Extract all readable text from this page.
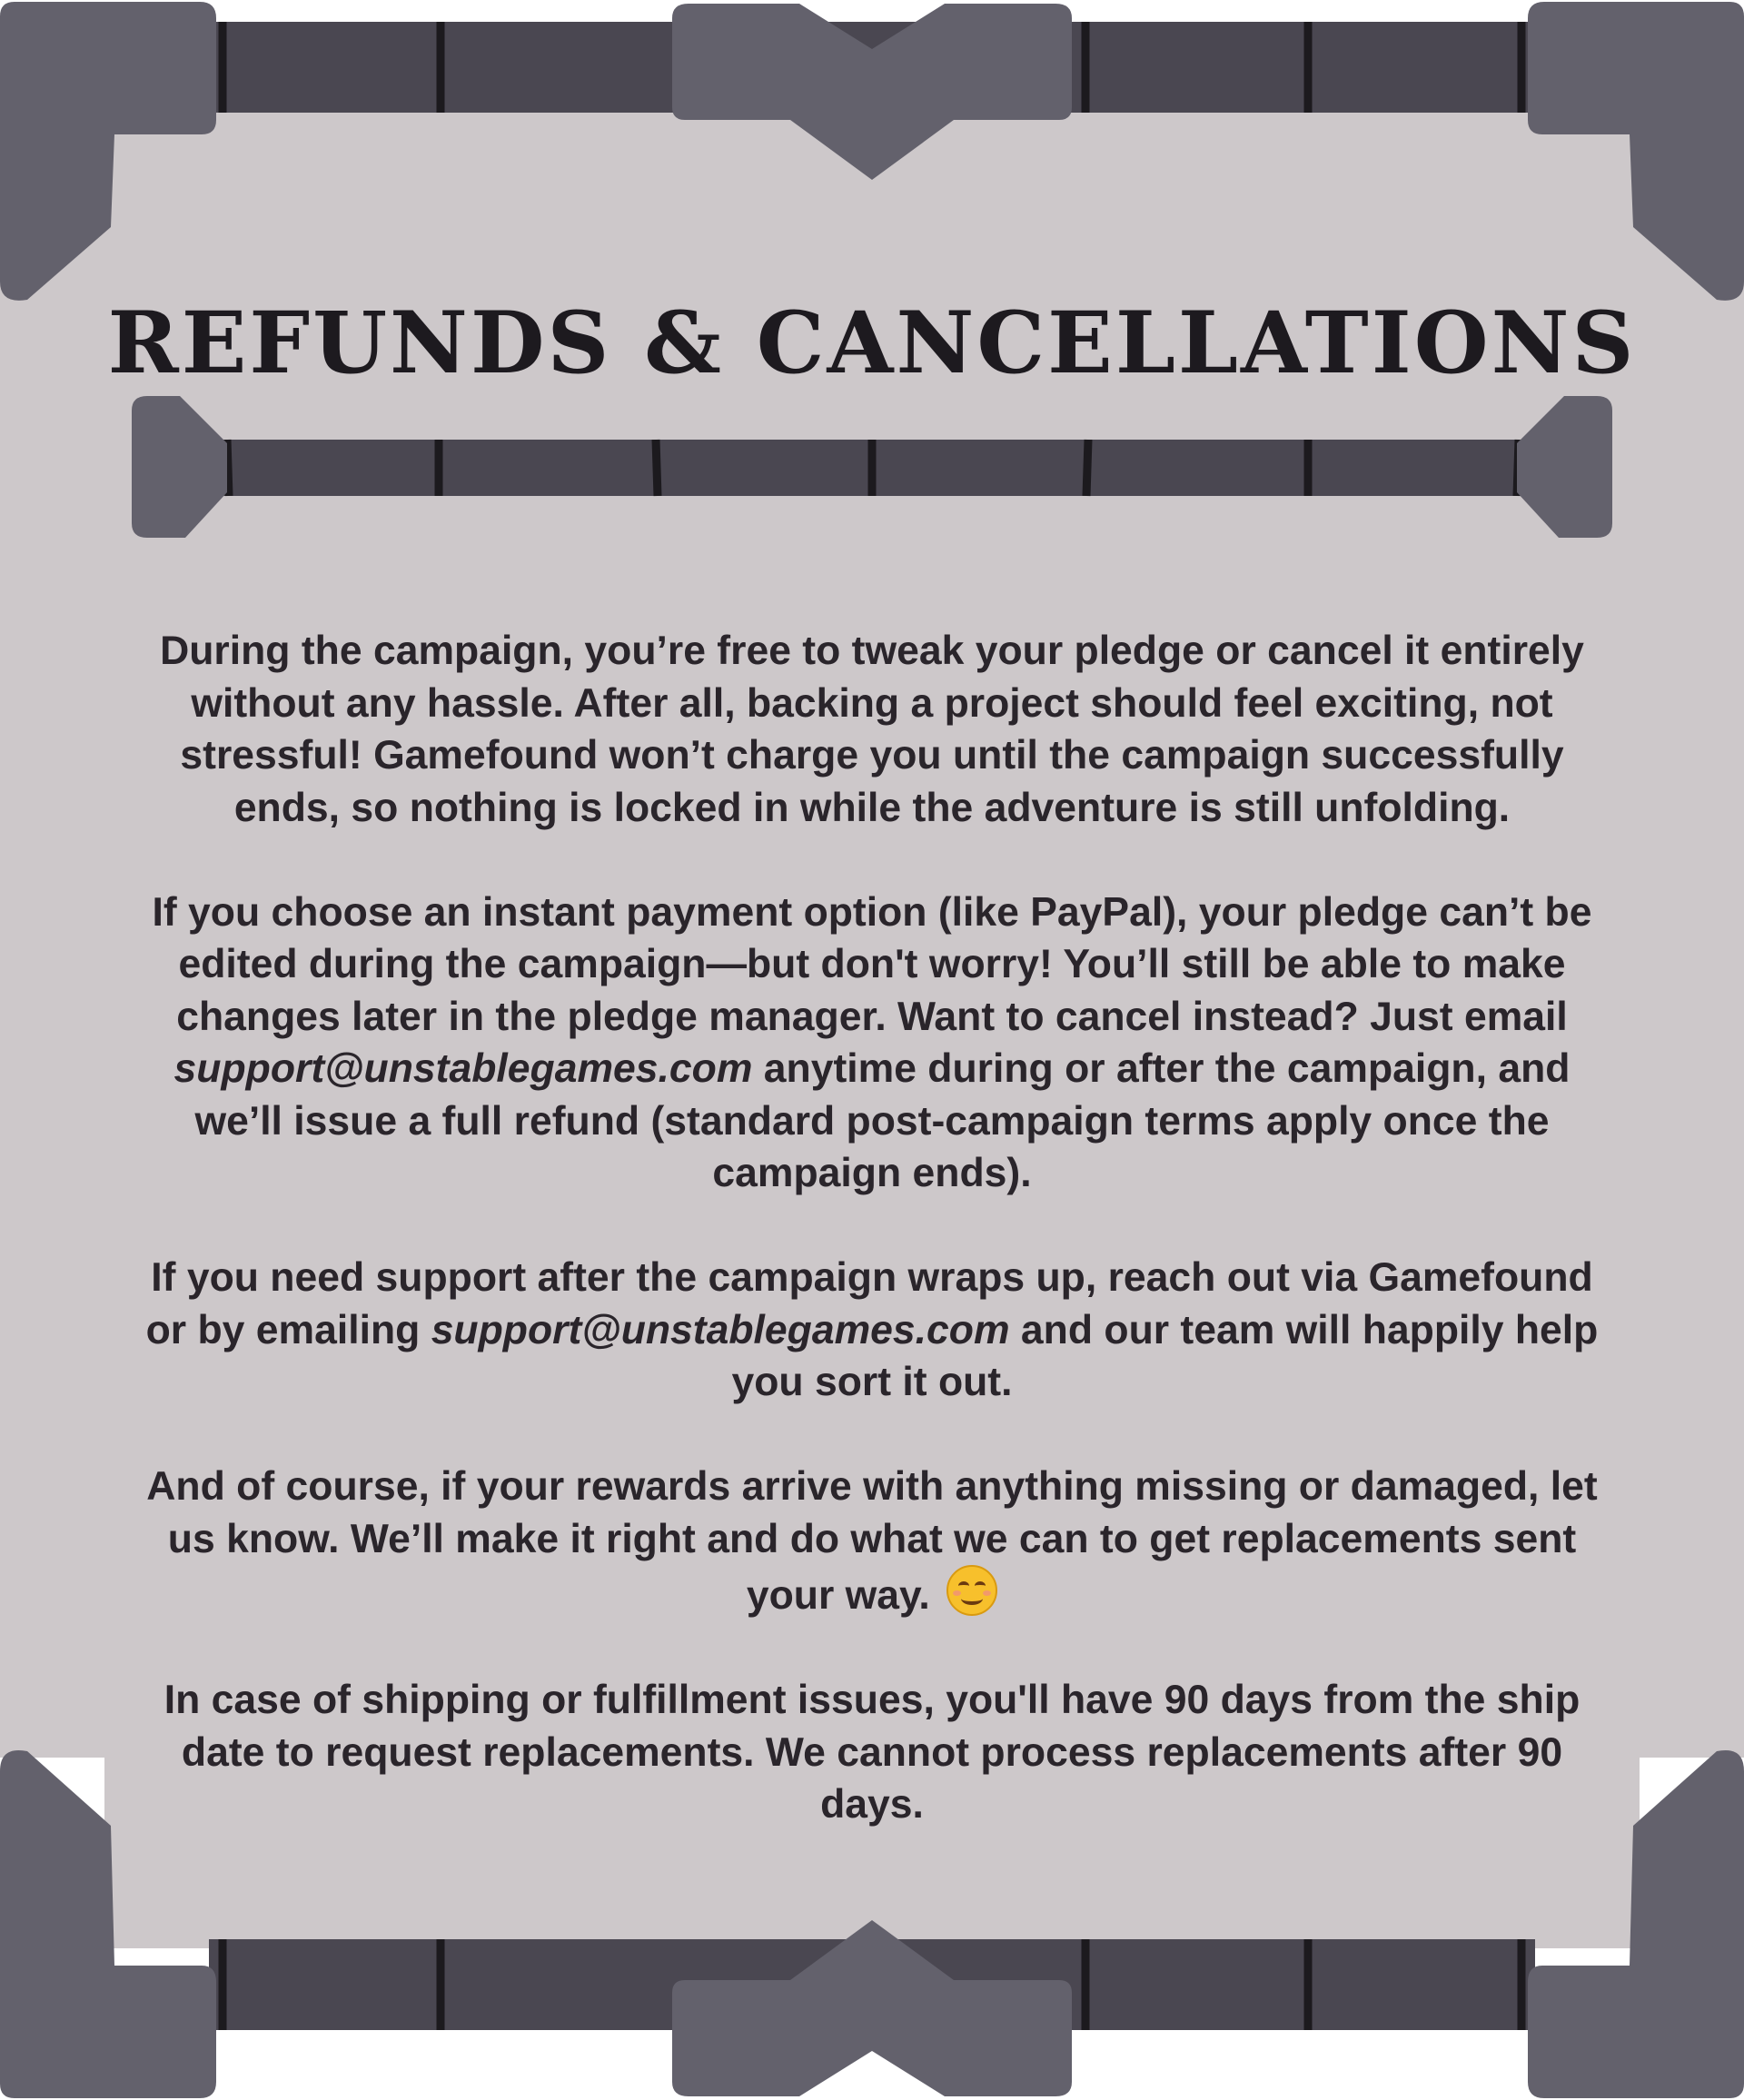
REFUNDS & CANCELLATIONS

During the campaign, you’re free to tweak your pledge or cancel it entirely without any hassle. After all, backing a project should feel exciting, not stressful! Gamefound won’t charge you until the campaign successfully ends, so nothing is locked in while the adventure is still unfolding.

If you choose an instant payment option (like PayPal), your pledge can’t be edited during the campaign—but don't worry! You’ll still be able to make changes later in the pledge manager. Want to cancel instead? Just email
support@unstablegames.com anytime during or after the campaign, and we’ll issue a full refund (standard post-campaign terms apply once the campaign ends).

If you need support after the campaign wraps up, reach out via Gamefound or by emailing support@unstablegames.com and our team will happily help you sort it out.

And of course, if your rewards arrive with anything missing or damaged, let us know. We’ll make it right and do what we can to get replacements sent your way.

In case of shipping or fulfillment issues, you'll have 90 days from the ship date to request replacements. We cannot process replacements after 90 days.
